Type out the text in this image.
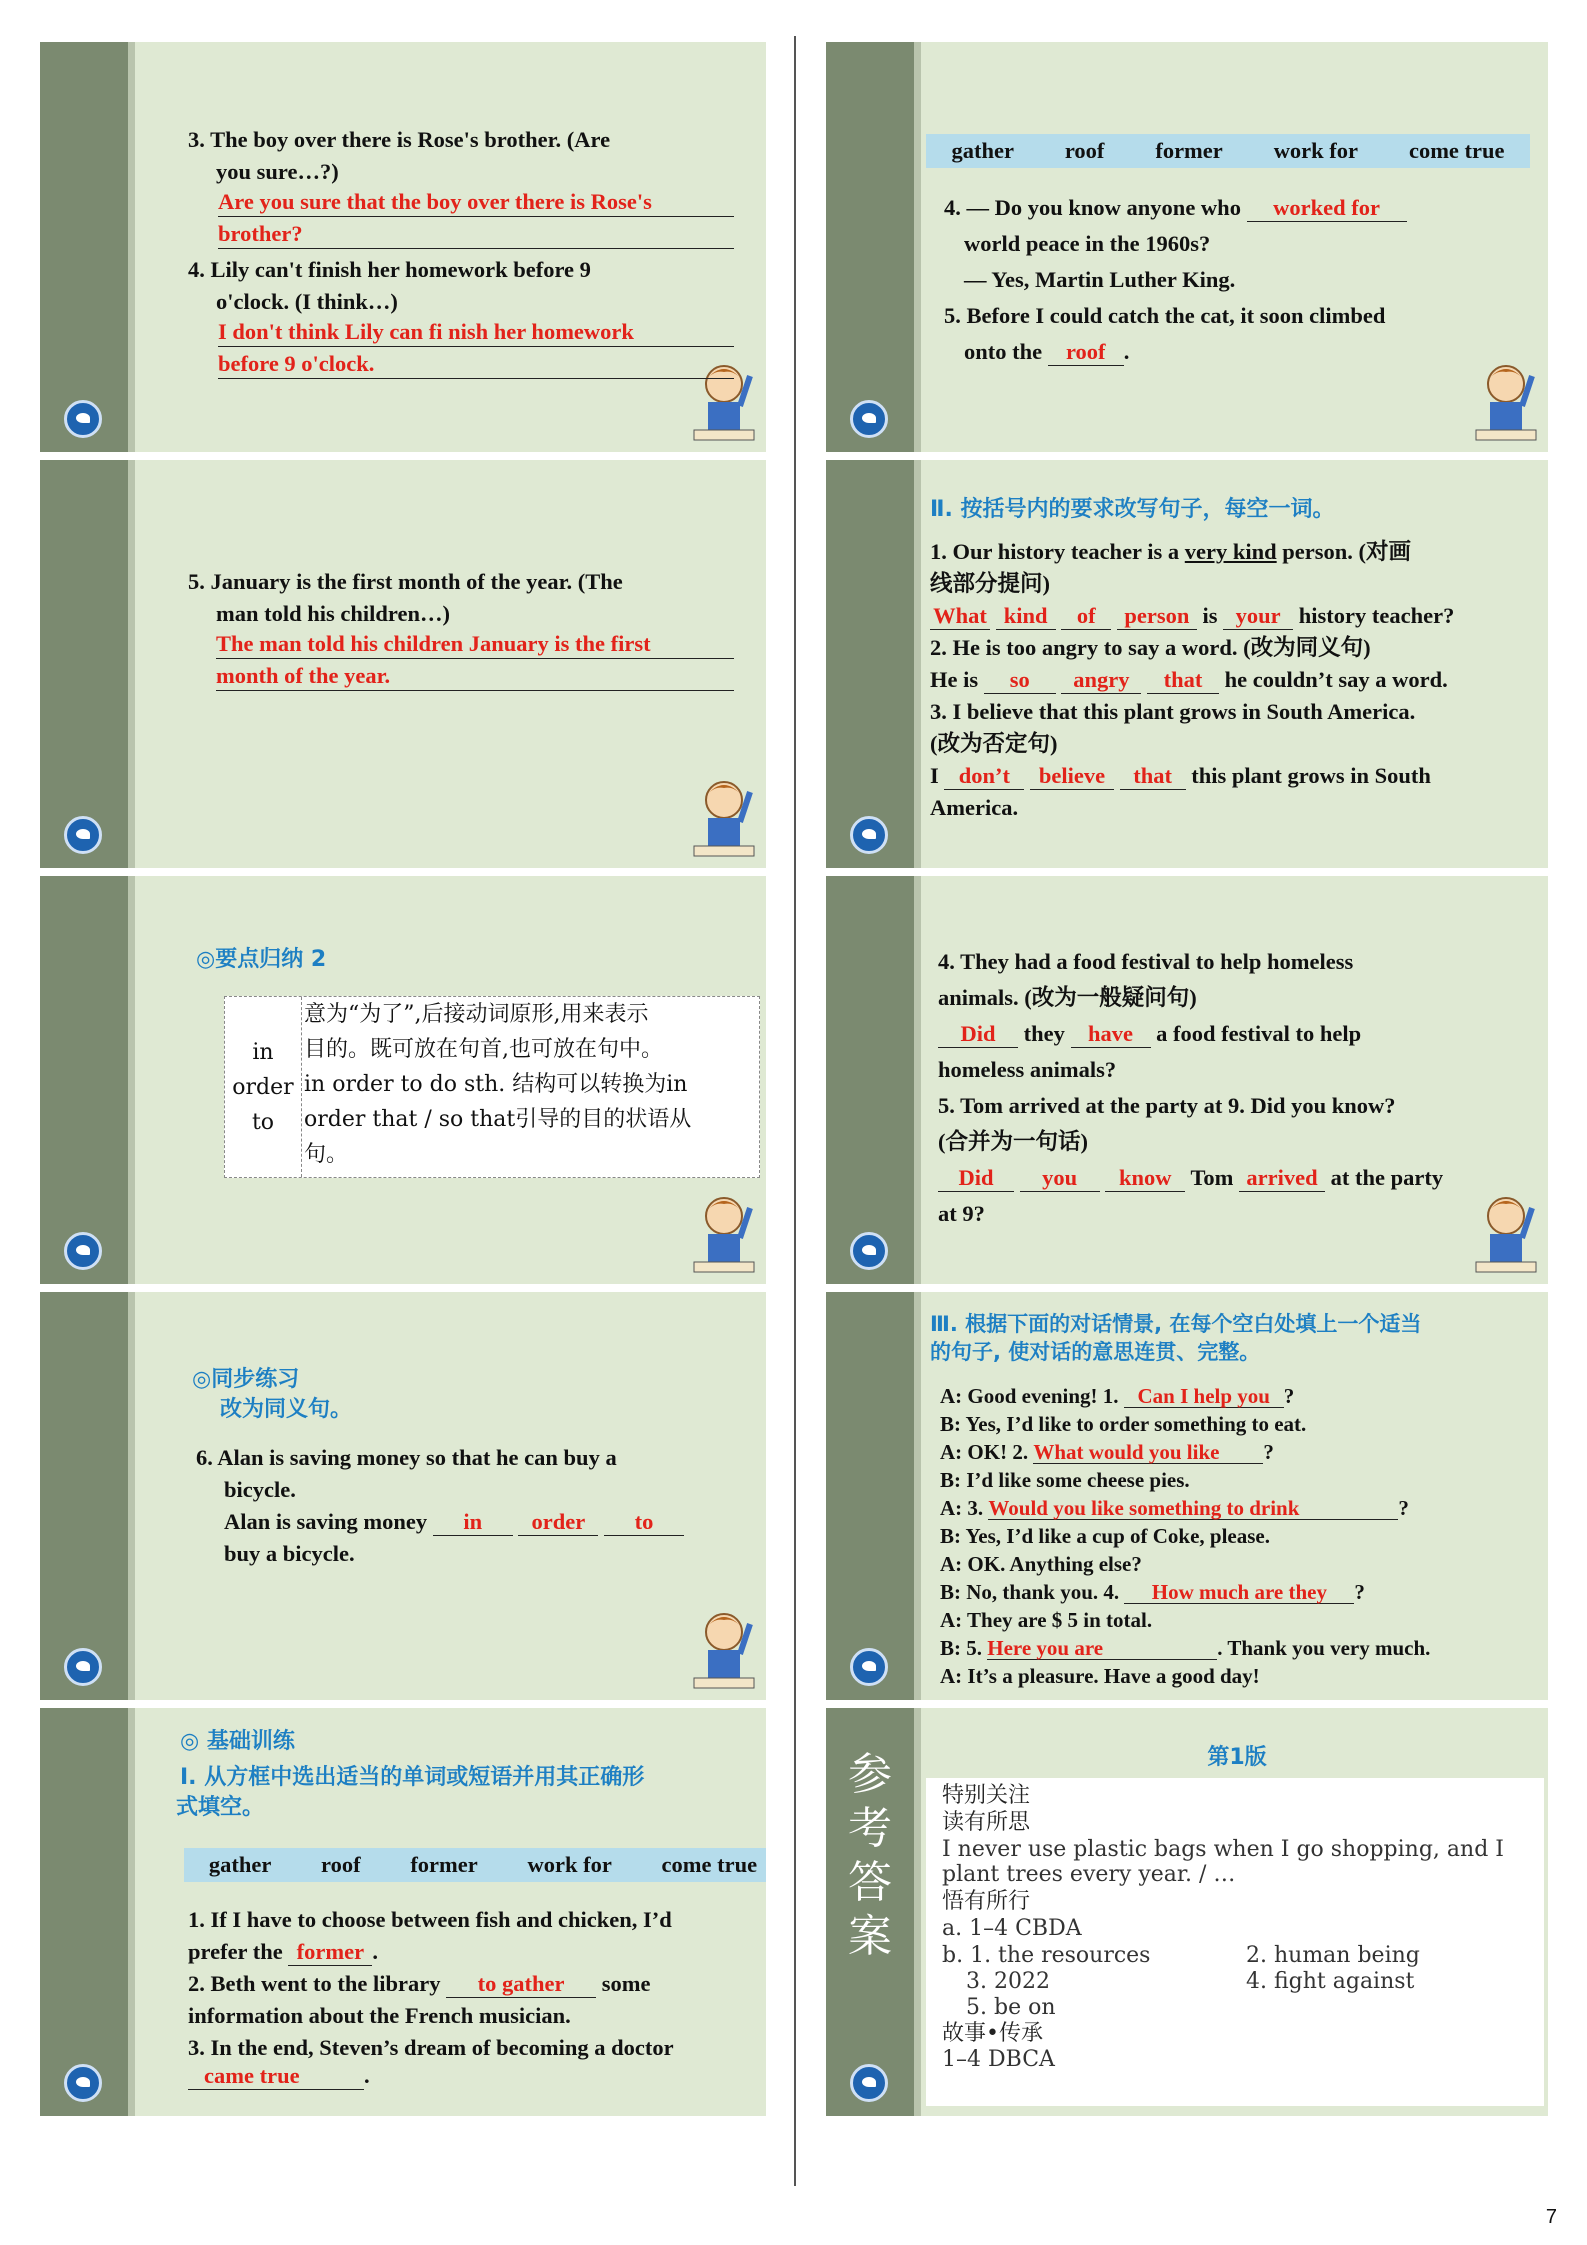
3. The boy over there is Rose's brother. (Are
you sure…?)
Are you sure that the boy over there is Rose's
brother?
4. Lily can't finish her homework before 9
o'clock. (I think…)
I don't think Lily can fi nish her homework
before 9 o'clock.
5. January is the first month of the year. (The
man told his children…)
The man told his children January is the first
month of the year.
◎要点归纳 2
in order to
意为“为了”,后接动词原形,用来表示
目的。既可放在句首,也可放在句中。
in order to do sth. 结构可以转换为in
order that / so that引导的目的状语从
句。
◎同步练习
改为同义句。
6. Alan is saving money so that he can buy a
bicycle.
Alan is saving money in order to
buy a bicycle.
◎ 基础训练
Ⅰ. 从方框中选出适当的单词或短语并用其正确形
式填空。
gather roof former work for come true
1. If I have to choose between fish and chicken, I’d
prefer the former .
2. Beth went to the library to gather some
information about the French musician.
3. In the end, Steven’s dream of becoming a doctor
came true	.
gather roof former work for come true
4. — Do you know anyone who worked for
world peace in the 1960s?
— Yes, Martin Luther King.
5. Before I could catch the cat, it soon climbed
onto the roof .
Ⅱ. 按括号内的要求改写句子，每空一词。
1. Our history teacher is a very kind person. (对画
线部分提问)
What kind of person is your history teacher?
2. He is too angry to say a word. (改为同义句)
He is so angry that he couldn’t say a word.
3. I believe that this plant grows in South America.
(改为否定句)
I don’t believe that this plant grows in South
America.
4. They had a food festival to help homeless
animals. (改为一般疑问句)
Did they have a food festival to help
homeless animals?
5. Tom arrived at the party at 9. Did you know?
(合并为一句话)
Did you know Tom arrived at the party
at 9?
Ⅲ. 根据下面的对话情景, 在每个空白处填上一个适当
的句子, 使对话的意思连贯、完整。
A: Good evening! 1. Can I help you ?
B: Yes, I’d like to order something to eat.
A: OK! 2. What would you like ?
B: I’d like some cheese pies.
A: 3. Would you like something to drink	?
B: Yes, I’d like a cup of Coke, please.
A: OK. Anything else?
B: No, thank you. 4. How much are they ?
A: They are $ 5 in total.
B: 5. Here you are	. Thank you very much.
A: It’s a pleasure. Have a good day!
参考答案
第1版
特别关注
读有所思
I never use plastic bags when I go shopping, and I
plant trees every year. / …
悟有所行
a. 1–4 CBDA
b. 1. the resources	2. human being
3. 2022	4. fight against
5. be on
故事•传承
1–4 DBCA
7
